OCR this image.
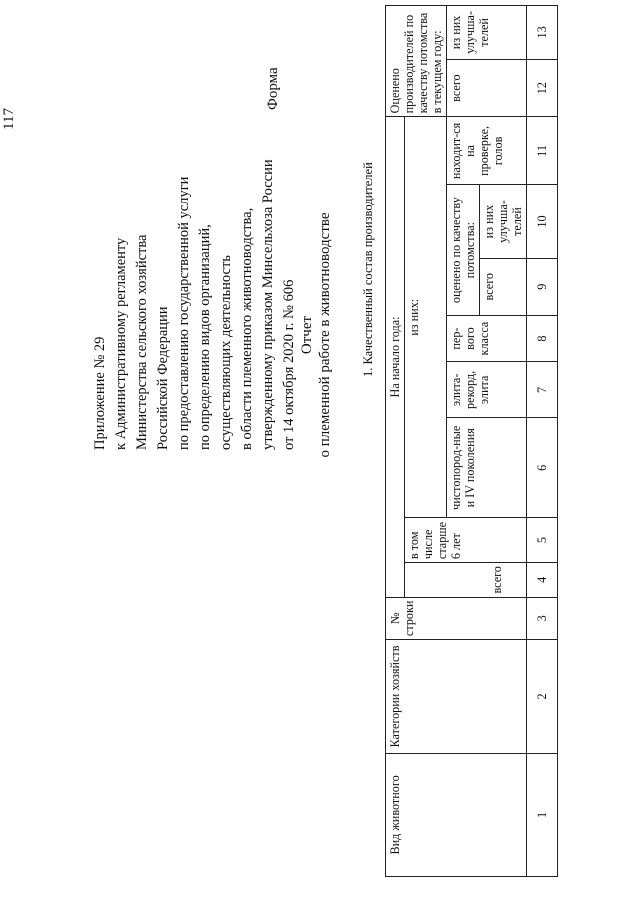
117
Приложение № 29 к Административному регламенту Министерства сельского хозяйства Российской Федерации по предоставлению государственной услуги по определению видов организаций, осуществляющих деятельность в области племенного животноводства, утвержденному приказом Минсельхоза России от 14 октября 2020 г. № 606
Форма
Отчет о племенной работе в животноводстве 1. Качественный состав производителей
Вид животного	Категории хозяйств	№ строки	На начало года:								Оценено производителей по качеству потомства в текущем году:	
			всего	в том числе старше 6 лет	из них:							
					чистопород-ные и IV поколения	элита-рекорд, элита	пер-вого класса	оценено по качеству потомства:		находит-ся на проверке, голов	всего	из них улучша-телей
								всего	из них улучша-телей			
1	2	3	4	5	6	7	8	9	10	11	12	13
